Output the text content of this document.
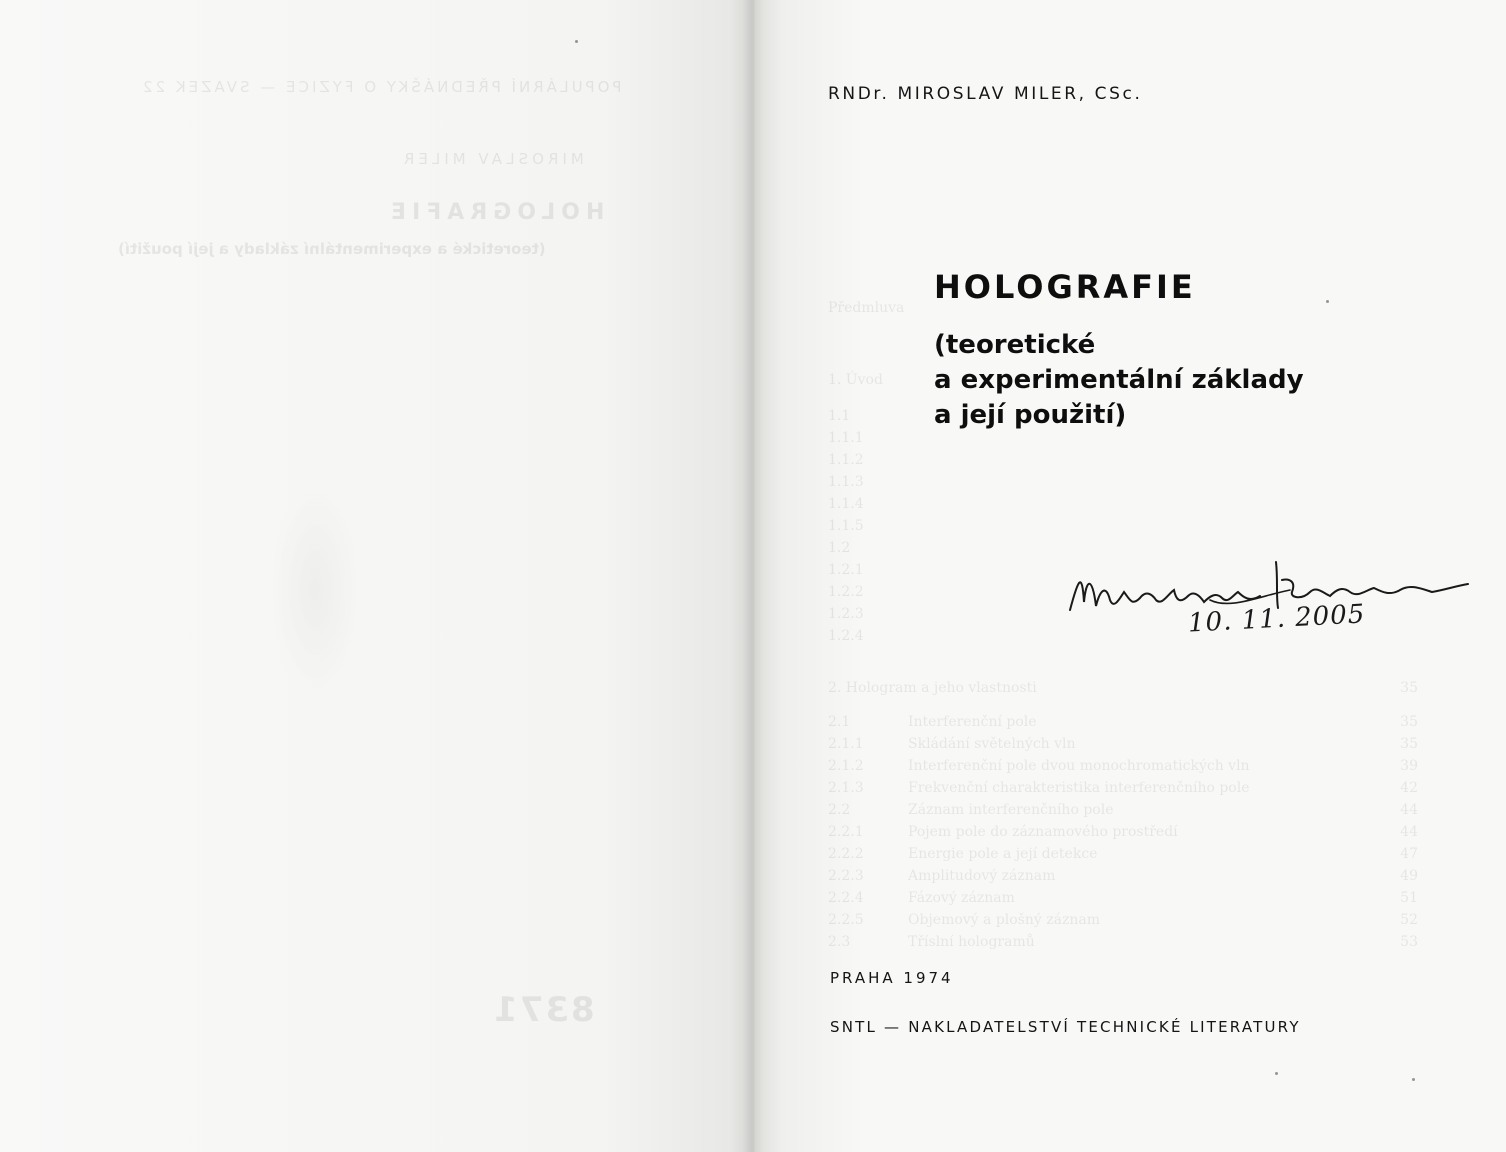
POPULÁRNÍ PŘEDNÁŠKY O FYZICE — SVAZEK 22
MIROSLAV MILER
HOLOGRAFIE
(teoretické a experimentální základy a její použití)
8371
Předmluva
1. Úvod
1.1
1.1.1
1.1.2
1.1.3
1.1.4
1.1.5
1.2
1.2.1
1.2.2
1.2.3
1.2.4
2. Hologram a jeho vlastnosti	35
2.1	Interferenční pole	35
2.1.1	Skládání světelných vln	35
2.1.2	Interferenční pole dvou monochromatických vln	39
2.1.3	Frekvenční charakteristika interferenčního pole	42
2.2	Záznam interferenčního pole	44
2.2.1	Pojem pole do záznamového prostředí	44
2.2.2	Energie pole a její detekce	47
2.2.3	Amplitudový záznam	49
2.2.4	Fázový záznam	51
2.2.5	Objemový a plošný záznam	52
2.3	Tříslní hologramů	53
RNDr. MIROSLAV MILER, CSc.
HOLOGRAFIE
(teoretické
a experimentální základy
a její použití)
10. 11. 2005
PRAHA 1974
SNTL — NAKLADATELSTVÍ TECHNICKÉ LITERATURY
